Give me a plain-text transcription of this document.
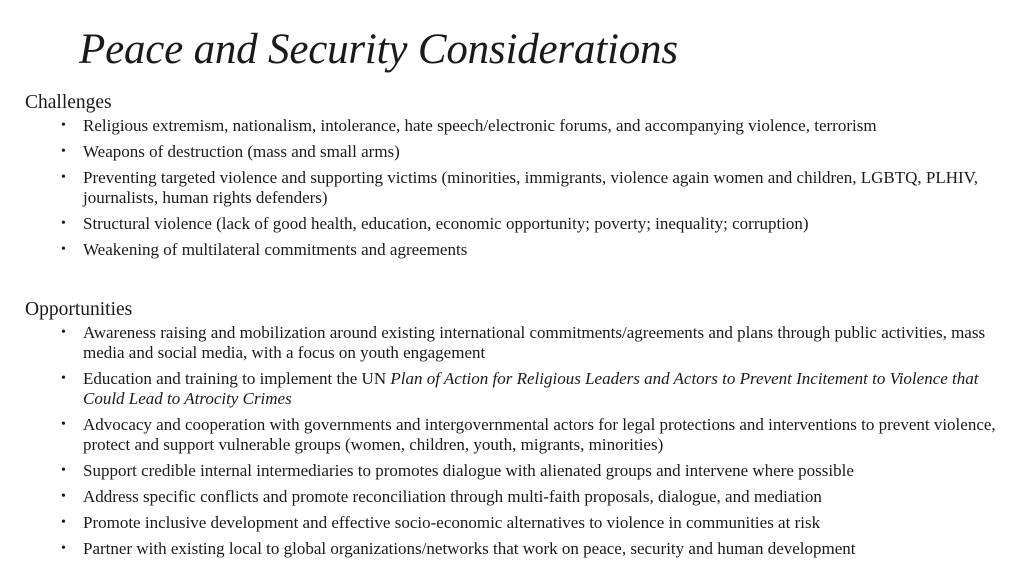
Peace and Security Considerations
Challenges
• Religious extremism, nationalism, intolerance, hate speech/electronic forums, and accompanying violence, terrorism
• Weapons of destruction (mass and small arms)
• Preventing targeted violence and supporting victims (minorities, immigrants, violence again women and children, LGBTQ, PLHIV, journalists, human rights defenders)
• Structural violence (lack of good health, education, economic opportunity; poverty; inequality; corruption)
• Weakening of multilateral commitments and agreements
Opportunities
• Awareness raising and mobilization around existing international commitments/agreements and plans through public activities, mass media and social media, with a focus on youth engagement
• Education and training to implement the UN Plan of Action for Religious Leaders and Actors to Prevent Incitement to Violence that Could Lead to Atrocity Crimes
• Advocacy and cooperation with governments and intergovernmental actors for legal protections and interventions to prevent violence, protect and support vulnerable groups (women, children, youth, migrants, minorities)
• Support credible internal intermediaries to promotes dialogue with alienated groups and intervene where possible
• Address specific conflicts and promote reconciliation through multi-faith proposals, dialogue, and mediation
• Promote inclusive development and effective socio-economic alternatives to violence in communities at risk
• Partner with existing local to global organizations/networks that work on peace, security and human development
